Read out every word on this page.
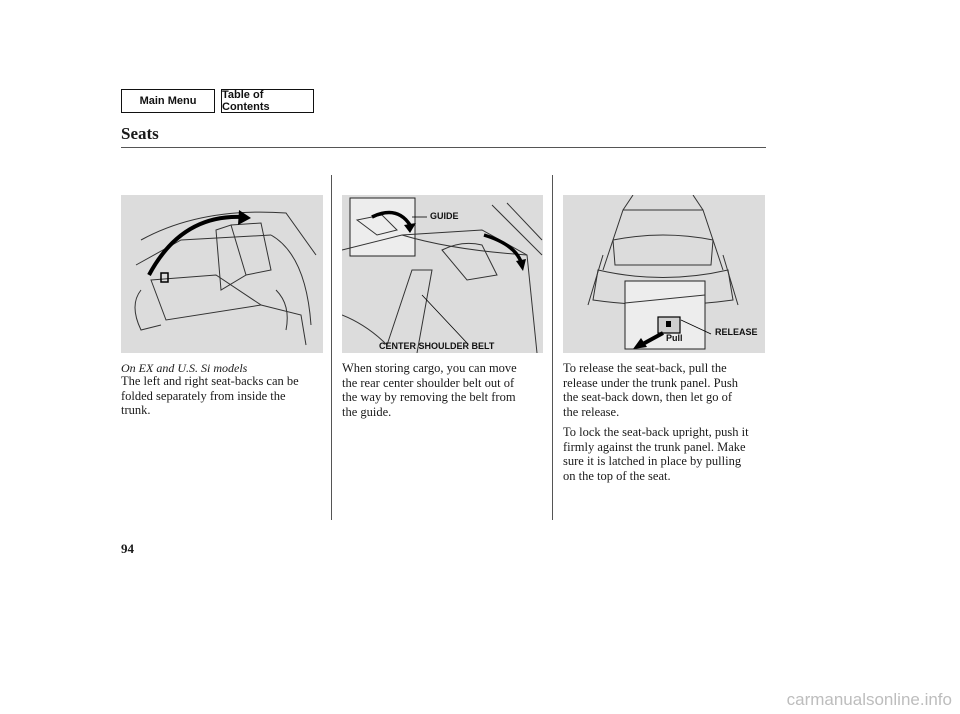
Main Menu	Table of Contents
Seats
GUIDE
CENTER SHOULDER BELT
RELEASE
Pull
On EX and U.S. Si models
The left and right seat-backs can be
folded separately from inside the
trunk.
When storing cargo, you can move
the rear center shoulder belt out of
the way by removing the belt from
the guide.
To release the seat-back, pull the
release under the trunk panel. Push
the seat-back down, then let go of
the release.
To lock the seat-back upright, push it
firmly against the trunk panel. Make
sure it is latched in place by pulling
on the top of the seat.
94
carmanualsonline.info
